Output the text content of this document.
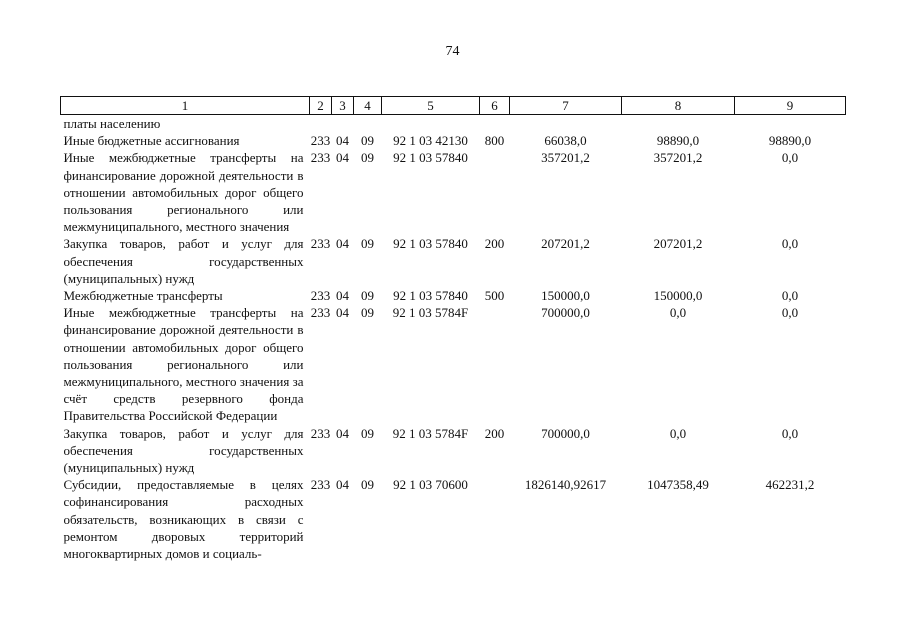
74
1	2	3	4	5	6	7	8	9
платы населению								
Иные бюджетные ассигнования	233	04	09	92 1 03 42130	800	66038,0	98890,0	98890,0
Иные межбюджетные трансферты на финансирование дорожной деятельности в отношении автомобильных дорог общего пользования регионального или межмуниципального, местного значения	233	04	09	92 1 03 57840		357201,2	357201,2	0,0
Закупка товаров, работ и услуг для обеспечения государственных (муниципальных) нужд	233	04	09	92 1 03 57840	200	207201,2	207201,2	0,0
Межбюджетные трансферты	233	04	09	92 1 03 57840	500	150000,0	150000,0	0,0
Иные межбюджетные трансферты на финансирование дорожной деятельности в отношении автомобильных дорог общего пользования регионального или межмуниципального, местного значения за счёт средств резервного фонда Правительства Российской Федерации	233	04	09	92 1 03 5784F		700000,0	0,0	0,0
Закупка товаров, работ и услуг для обеспечения государственных (муниципальных) нужд	233	04	09	92 1 03 5784F	200	700000,0	0,0	0,0
Субсидии, предоставляемые в целях софинансирования расходных обязательств, возникающих в связи с ремонтом дворовых территорий многоквартирных домов и социаль-	233	04	09	92 1 03 70600		1826140,92617	1047358,49	462231,2
